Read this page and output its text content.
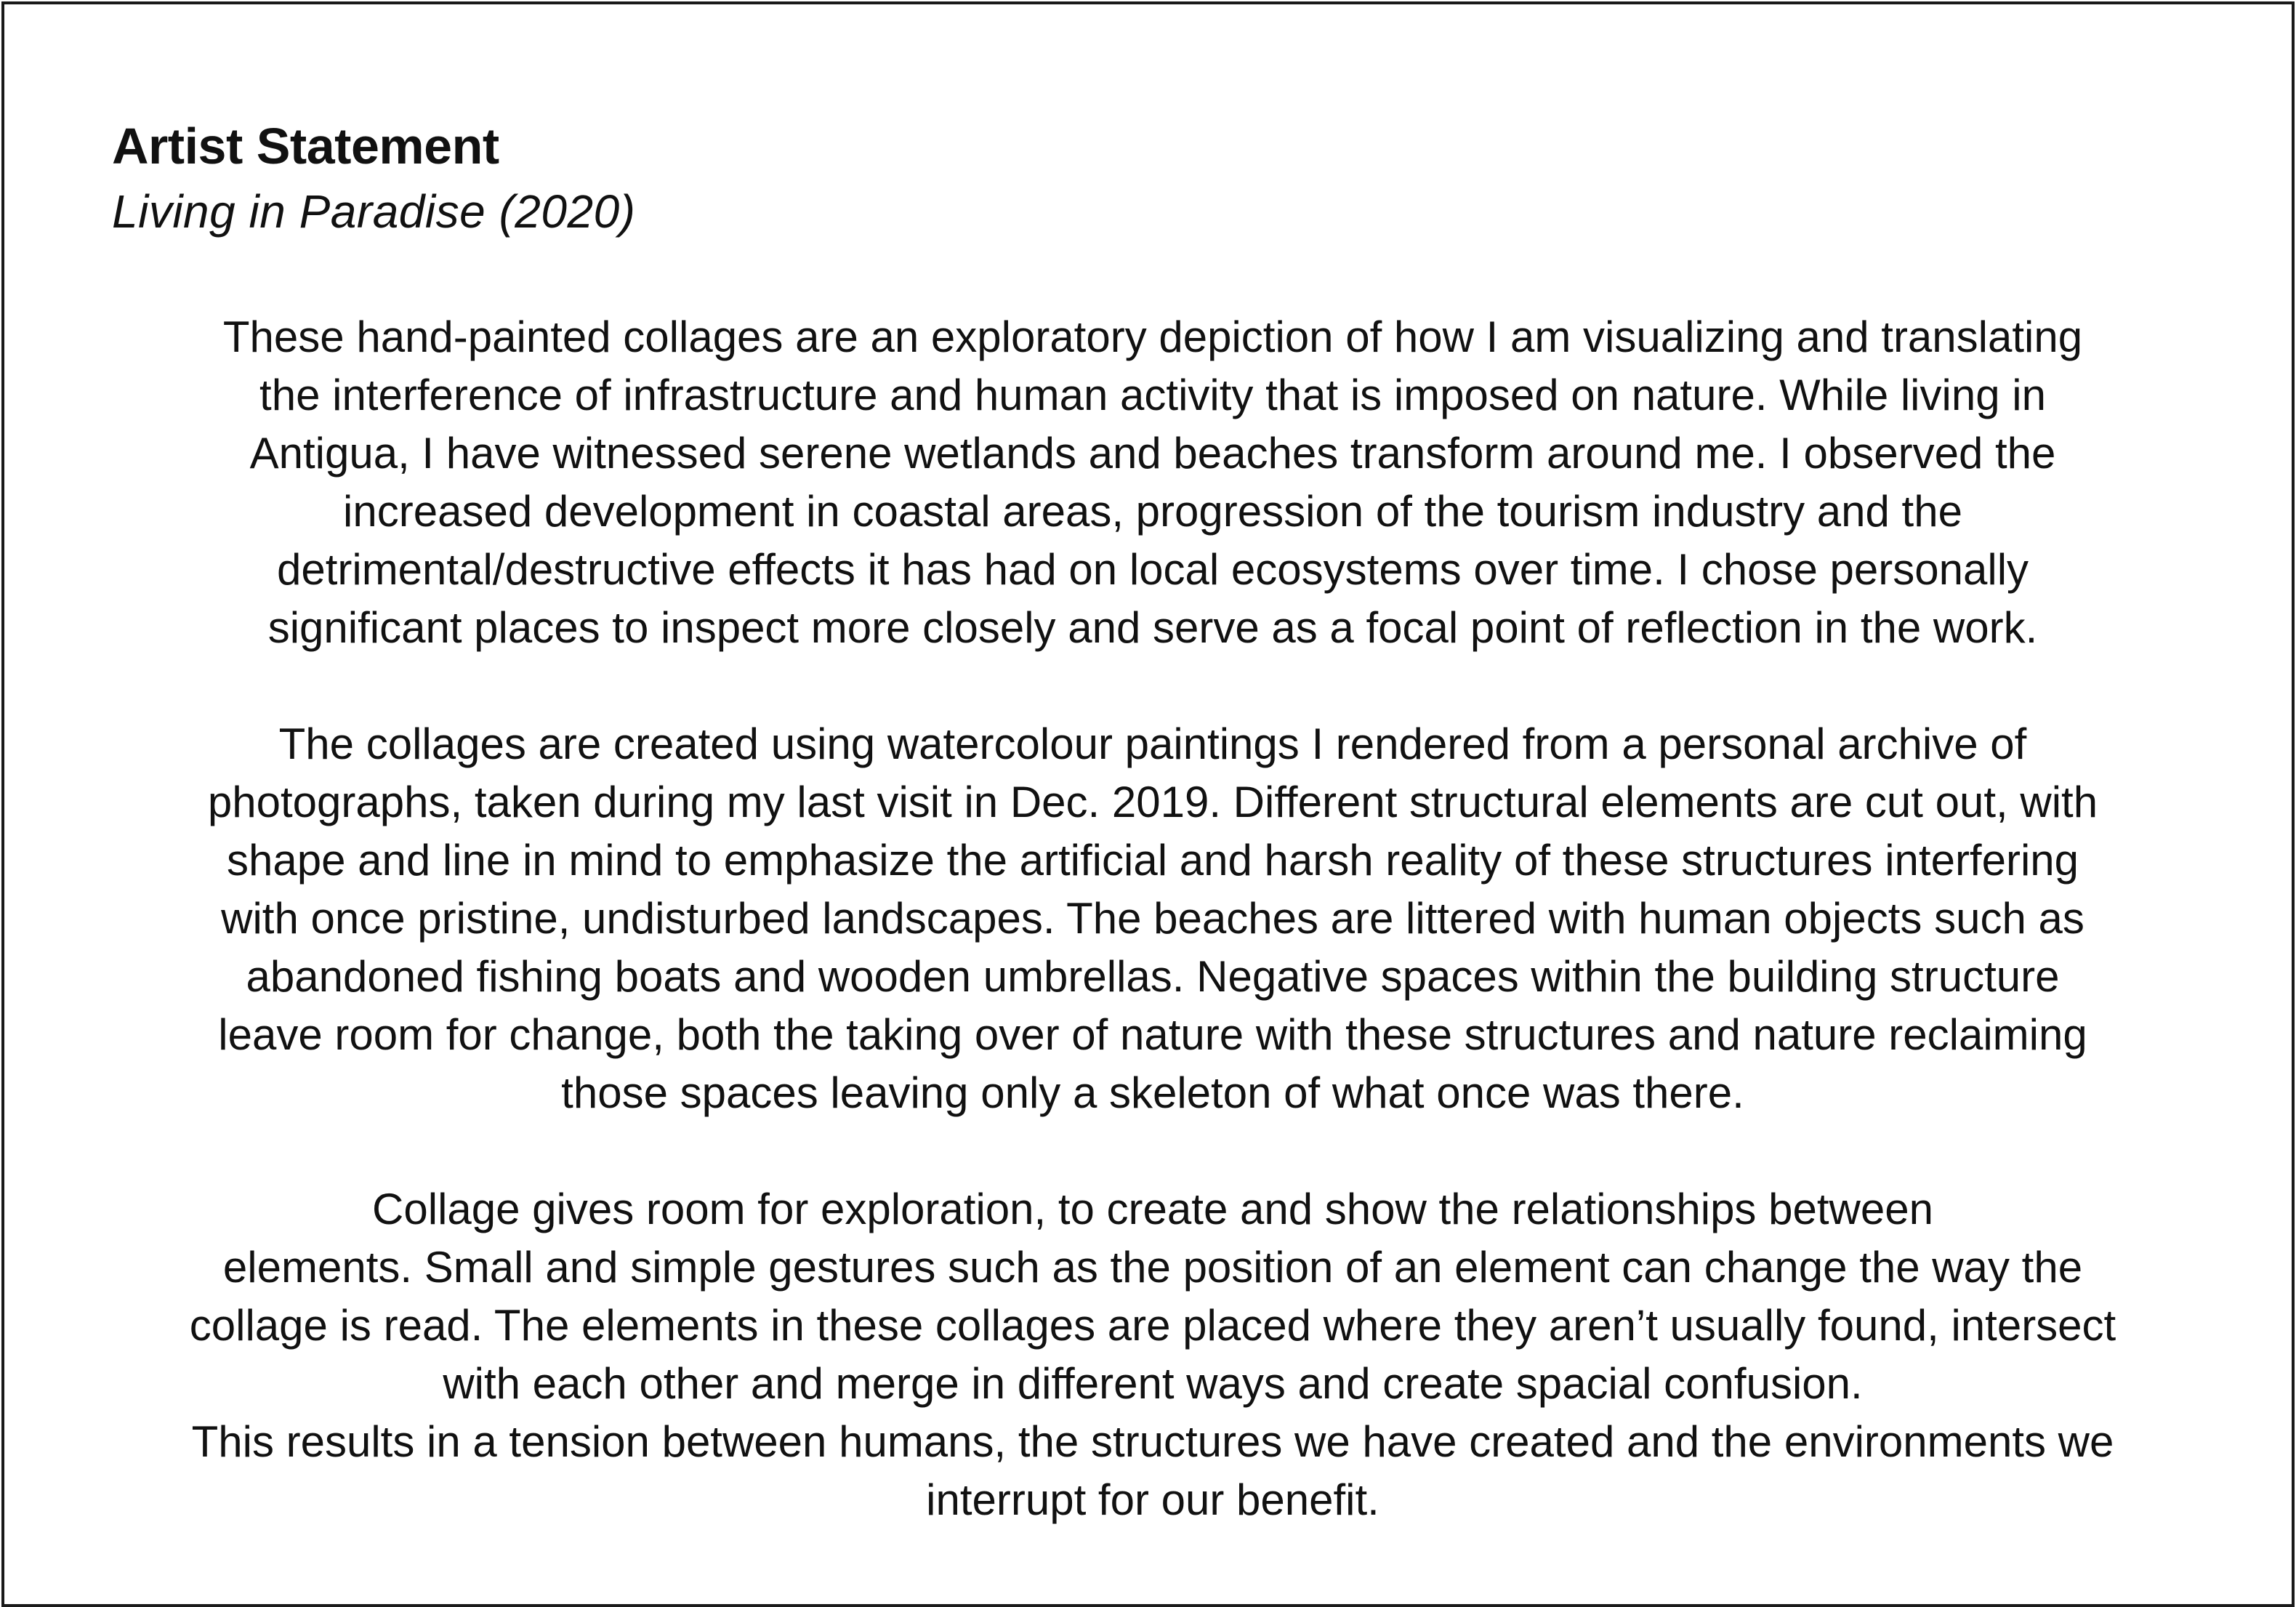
Artist Statement

Living in Paradise (2020)

These hand-painted collages are an exploratory depiction of how I am visualizing and translating
the interference of infrastructure and human activity that is imposed on nature. While living in
Antigua, I have witnessed serene wetlands and beaches transform around me. I observed the
increased development in coastal areas, progression of the tourism industry and the
detrimental/destructive effects it has had on local ecosystems over time. I chose personally
significant places to inspect more closely and serve as a focal point of reflection in the work.

The collages are created using watercolour paintings I rendered from a personal archive of
photographs, taken during my last visit in Dec. 2019. Different structural elements are cut out, with
shape and line in mind to emphasize the artificial and harsh reality of these structures interfering
with once pristine, undisturbed landscapes. The beaches are littered with human objects such as
abandoned fishing boats and wooden umbrellas. Negative spaces within the building structure
leave room for change, both the taking over of nature with these structures and nature reclaiming
those spaces leaving only a skeleton of what once was there.

Collage gives room for exploration, to create and show the relationships between
elements. Small and simple gestures such as the position of an element can change the way the
collage is read. The elements in these collages are placed where they aren’t usually found, intersect
with each other and merge in different ways and create spacial confusion.
This results in a tension between humans, the structures we have created and the environments we
interrupt for our benefit.
